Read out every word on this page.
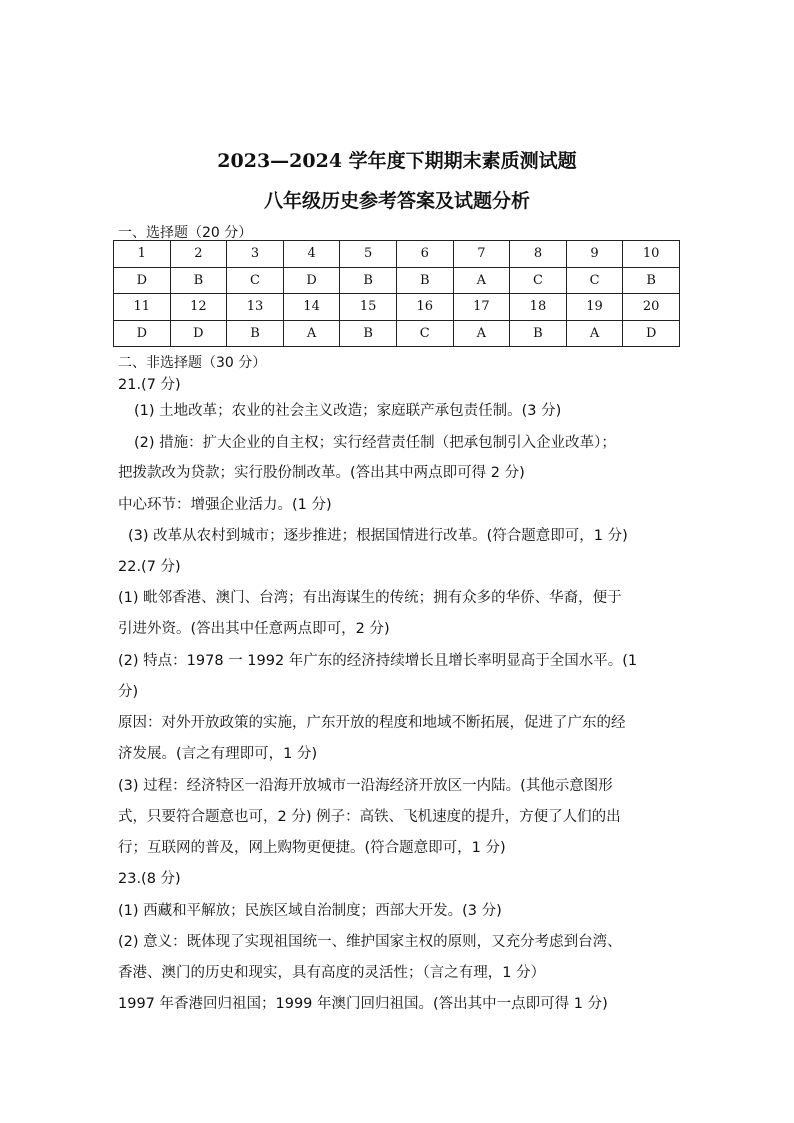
2023—2024 学年度下期期末素质测试题
八年级历史参考答案及试题分析
一、选择题（20 分）
1	2	3	4	5	6	7	8	9	10
D	B	C	D	B	B	A	C	C	B
11	12	13	14	15	16	17	18	19	20
D	D	B	A	B	C	A	B	A	D
二、非选择题（30 分）
21.(7 分)
(1) 土地改革；农业的社会主义改造；家庭联产承包责任制。(3 分)
(2) 措施：扩大企业的自主权；实行经营责任制（把承包制引入企业改革）；
把拨款改为贷款；实行股份制改革。(答出其中两点即可得 2 分)
中心环节：增强企业活力。(1 分)
(3) 改革从农村到城市；逐步推进；根据国情进行改革。(符合题意即可，1 分)
22.(7 分)
(1) 毗邻香港、澳门、台湾；有出海谋生的传统；拥有众多的华侨、华裔，便于
引进外资。(答出其中任意两点即可，2 分)
(2) 特点：1978 一 1992 年广东的经济持续增长且增长率明显高于全国水平。(1
分)
原因：对外开放政策的实施，广东开放的程度和地域不断拓展，促进了广东的经
济发展。(言之有理即可，1 分)
(3) 过程：经济特区一沿海开放城市一沿海经济开放区一内陆。(其他示意图形
式，只要符合题意也可，2 分) 例子：高铁、飞机速度的提升，方便了人们的出
行；互联网的普及，网上购物更便捷。(符合题意即可，1 分)
23.(8 分)
(1) 西藏和平解放；民族区域自治制度；西部大开发。(3 分)
(2) 意义：既体现了实现祖国统一、维护国家主权的原则，又充分考虑到台湾、
香港、澳门的历史和现实，具有高度的灵活性；（言之有理，1 分）
1997 年香港回归祖国；1999 年澳门回归祖国。(答出其中一点即可得 1 分)
